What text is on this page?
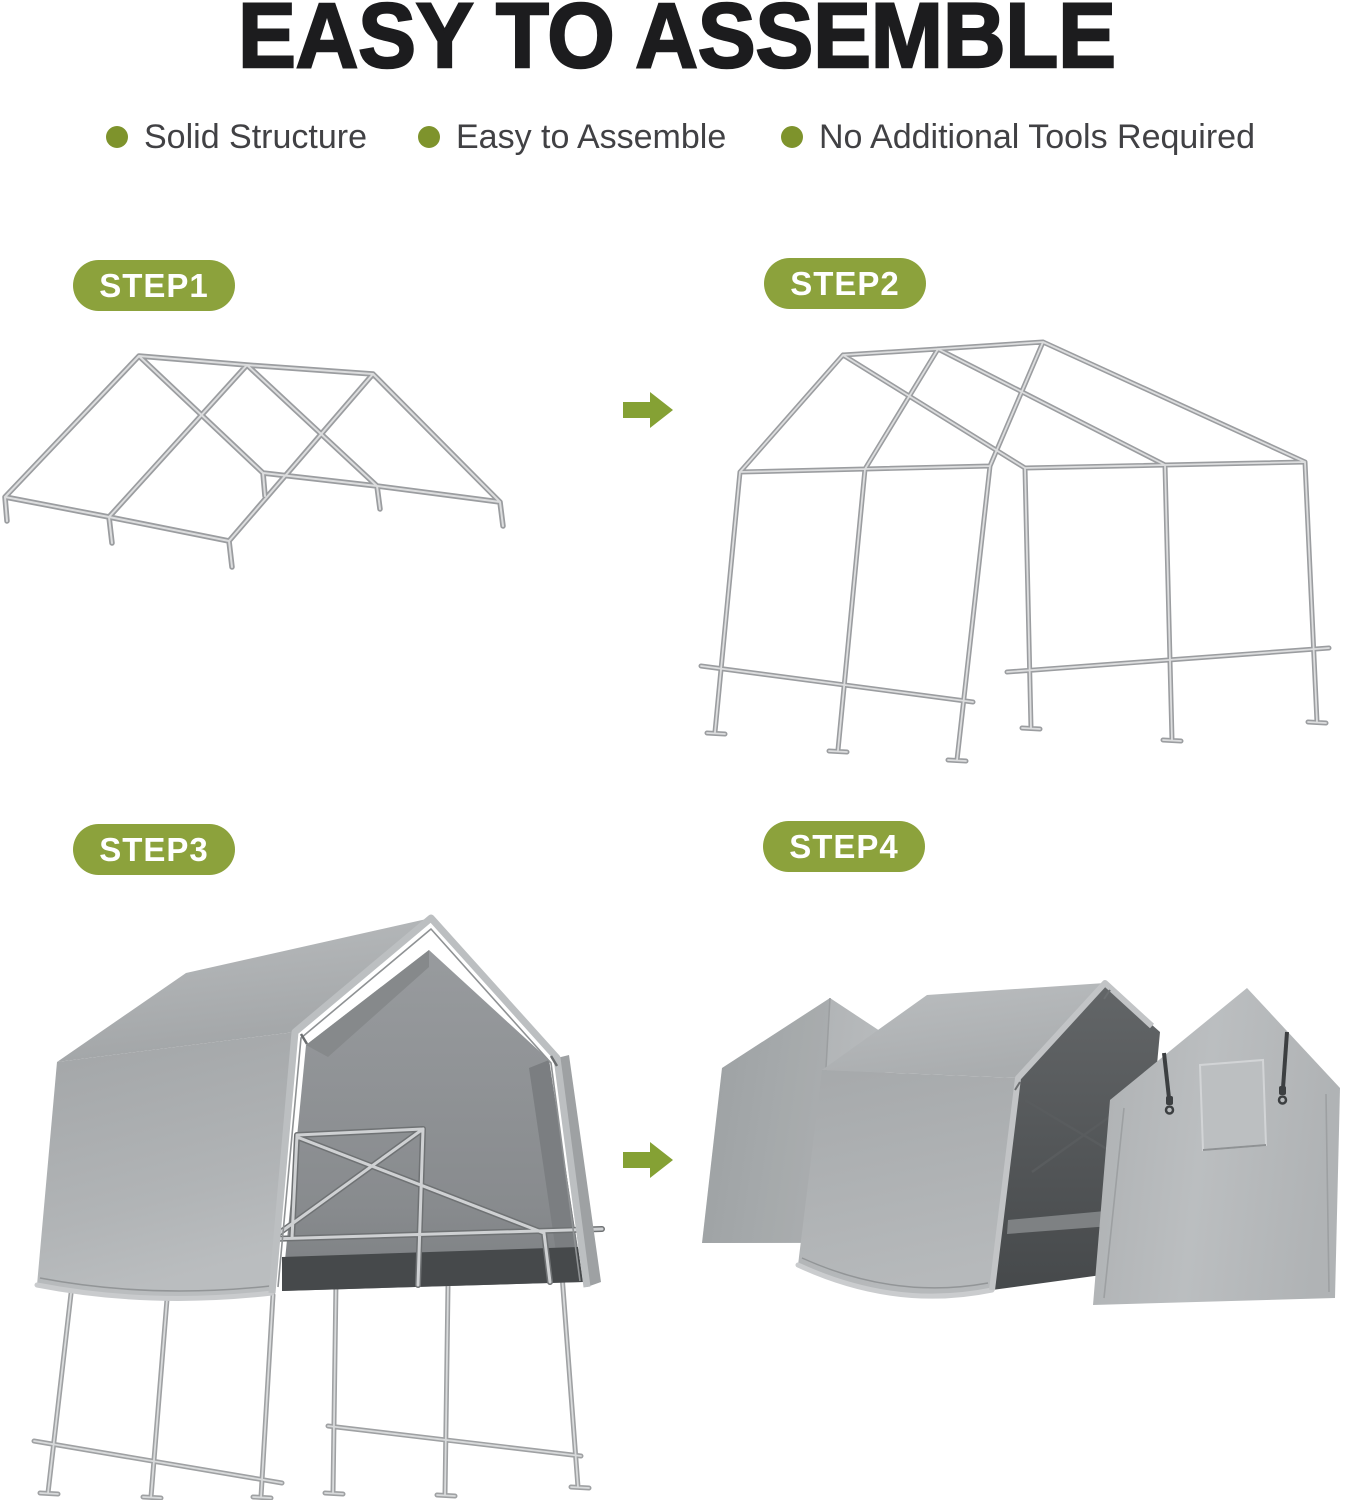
EASY TO ASSEMBLE
Solid Structure	Easy to Assemble	No Additional Tools Required
STEP1	STEP2
STEP3	STEP4
